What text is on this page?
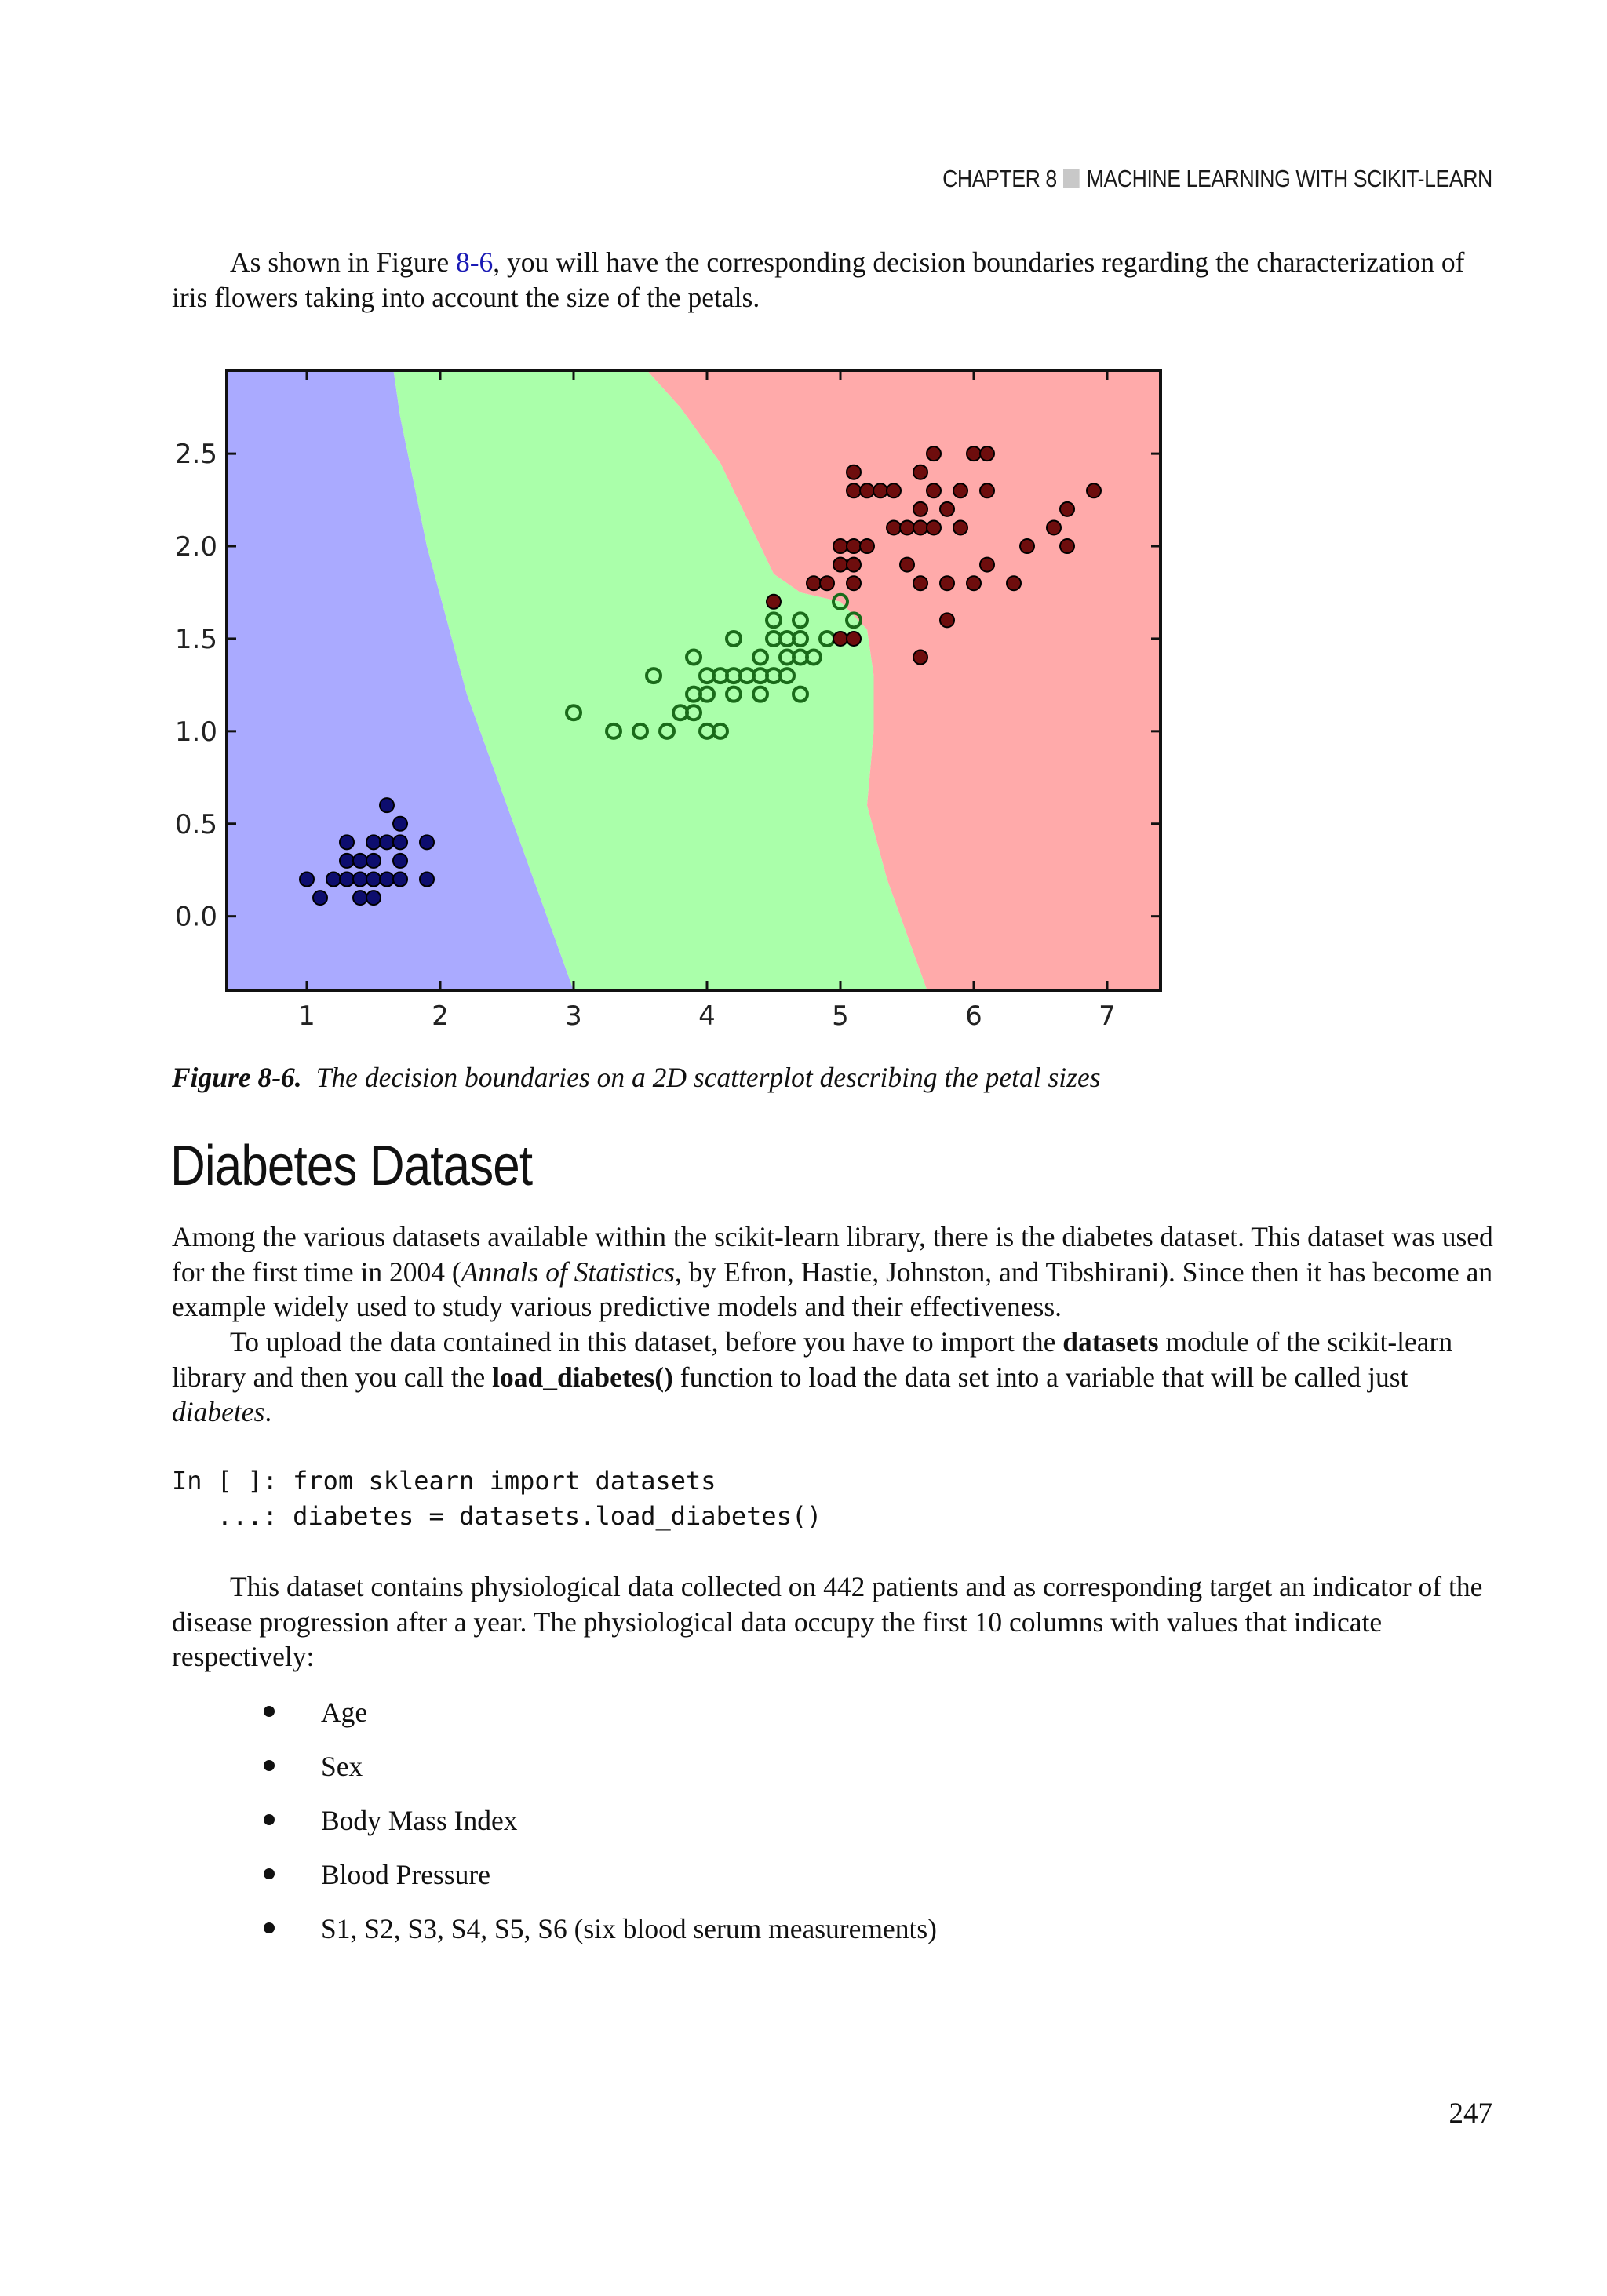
CHAPTER 8 MACHINE LEARNING WITH SCIKIT-LEARN

As shown in Figure 8-6, you will have the corresponding decision boundaries regarding the characterization of iris flowers taking into account the size of the petals.

1	2	3	4	5	6	7
0.0
0.5
1.0
1.5
2.0
2.5
Figure 8-6. The decision boundaries on a 2D scatterplot describing the petal sizes
Diabetes Dataset

Among the various datasets available within the scikit-learn library, there is the diabetes dataset. This dataset was used for the first time in 2004 (Annals of Statistics, by Efron, Hastie, Johnston, and Tibshirani). Since then it has become an example widely used to study various predictive models and their effectiveness.

To upload the data contained in this dataset, before you have to import the datasets module of the scikit-learn library and then you call the load_diabetes() function to load the data set into a variable that will be called just diabetes.

In [ ]: from sklearn import datasets
...: diabetes = datasets.load_diabetes()

This dataset contains physiological data collected on 442 patients and as corresponding target an indicator of the disease progression after a year. The physiological data occupy the first 10 columns with values that indicate respectively:

Age
Sex
Body Mass Index
Blood Pressure
S1, S2, S3, S4, S5, S6 (six blood serum measurements)
247
